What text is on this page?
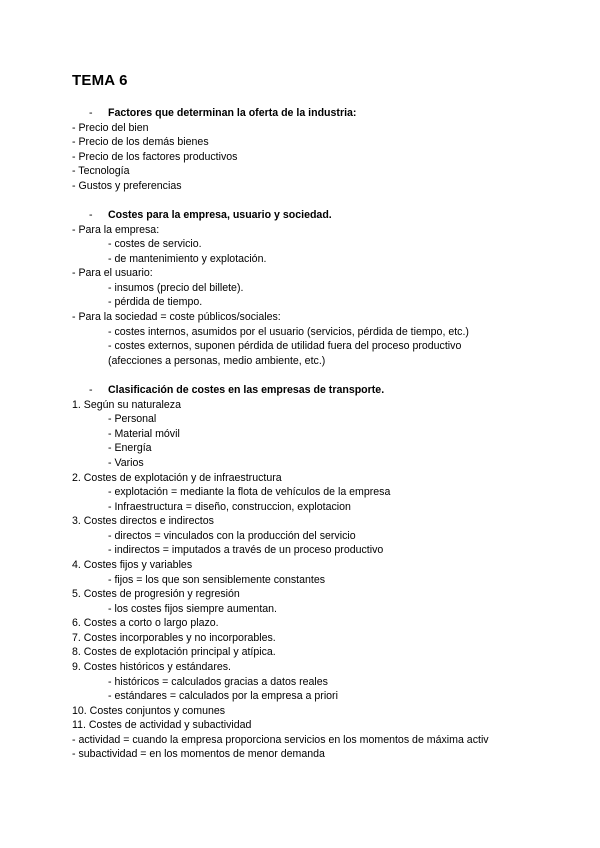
TEMA 6
- Factores que determinan la oferta de la industria:
- Precio del bien
- Precio de los demás bienes
- Precio de los factores productivos
- Tecnología
- Gustos y preferencias
- Costes para la empresa, usuario y sociedad.
- Para la empresa:
- costes de servicio.
- de mantenimiento y explotación.
- Para el usuario:
- insumos (precio del billete).
- pérdida de tiempo.
- Para la sociedad = coste públicos/sociales:
- costes internos, asumidos por el usuario (servicios, pérdida de tiempo, etc.)
- costes externos, suponen pérdida de utilidad fuera del proceso productivo
(afecciones a personas, medio ambiente, etc.)
- Clasificación de costes en las empresas de transporte.
1. Según su naturaleza
- Personal
- Material móvil
- Energía
- Varios
2. Costes de explotación y de infraestructura
- explotación = mediante la flota de vehículos de la empresa
- Infraestructura = diseño, construccion, explotacion
3. Costes directos e indirectos
- directos = vinculados con la producción del servicio
- indirectos = imputados a través de un proceso productivo
4. Costes fijos y variables
- fijos = los que son sensiblemente constantes
5. Costes de progresión y regresión
- los costes fijos siempre aumentan.
6. Costes a corto o largo plazo.
7. Costes incorporables y no incorporables.
8. Costes de explotación principal y atípica.
9. Costes históricos y estándares.
- históricos = calculados gracias a datos reales
- estándares = calculados por la empresa a priori
10. Costes conjuntos y comunes
11. Costes de actividad y subactividad
- actividad = cuando la empresa proporciona servicios en los momentos de máxima activ
- subactividad = en los momentos de menor demanda
